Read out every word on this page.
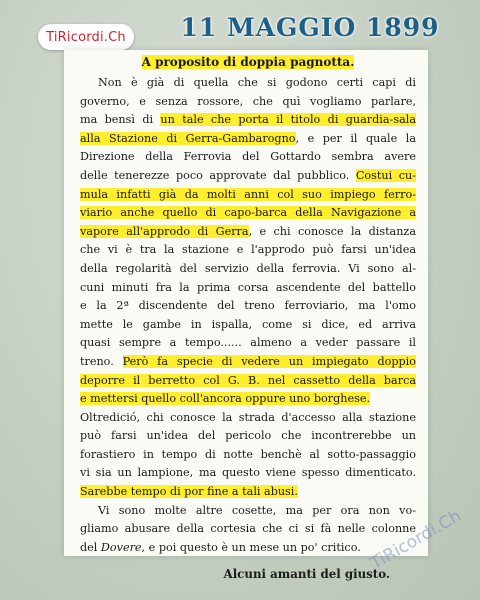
TiRicordi.Ch	11 MAGGIO 1899
A proposito di doppia pagnotta.
Non è già di quella che si godono certi capi di
governo, e senza rossore, che quì vogliamo parlare,
ma bensì di un tale che porta il titolo di guardia-sala
alla Stazione di Gerra-Gambarogno, e per il quale la
Direzione della Ferrovia del Gottardo sembra avere
delle tenerezze poco approvate dal pubblico. Costui cu-
mula infatti già da molti anni col suo impiego ferro-
viario anche quello di capo-barca della Navigazione a
vapore all'approdo di Gerra, e chi conosce la distanza
che vi è tra la stazione e l'approdo può farsi un'idea
della regolarità del servizio della ferrovia. Vi sono al-
cuni minuti fra la prima corsa ascendente del battello
e la 2ª discendente del treno ferroviario, ma l'omo
mette le gambe in ispalla, come si dice, ed arriva
quasi sempre a tempo...... almeno a veder passare il
treno. Però fa specie di vedere un impiegato doppio
deporre il berretto col G. B. nel cassetto della barca
e mettersi quello coll'ancora oppure uno borghese.
Oltredició, chi conosce la strada d'accesso alla stazione
può farsi un'idea del pericolo che incontrerebbe un
forastiero in tempo di notte benchè al sotto-passaggio
vi sia un lampione, ma questo viene spesso dimenticato.
Sarebbe tempo di por fine a tali abusi.
Vi sono molte altre cosette, ma per ora non vo-
gliamo abusare della cortesia che ci si fà nelle colonne
del Dovere, e poi questo è un mese un po' critico.
Alcuni amanti del giusto.
TiRicordi.Ch
